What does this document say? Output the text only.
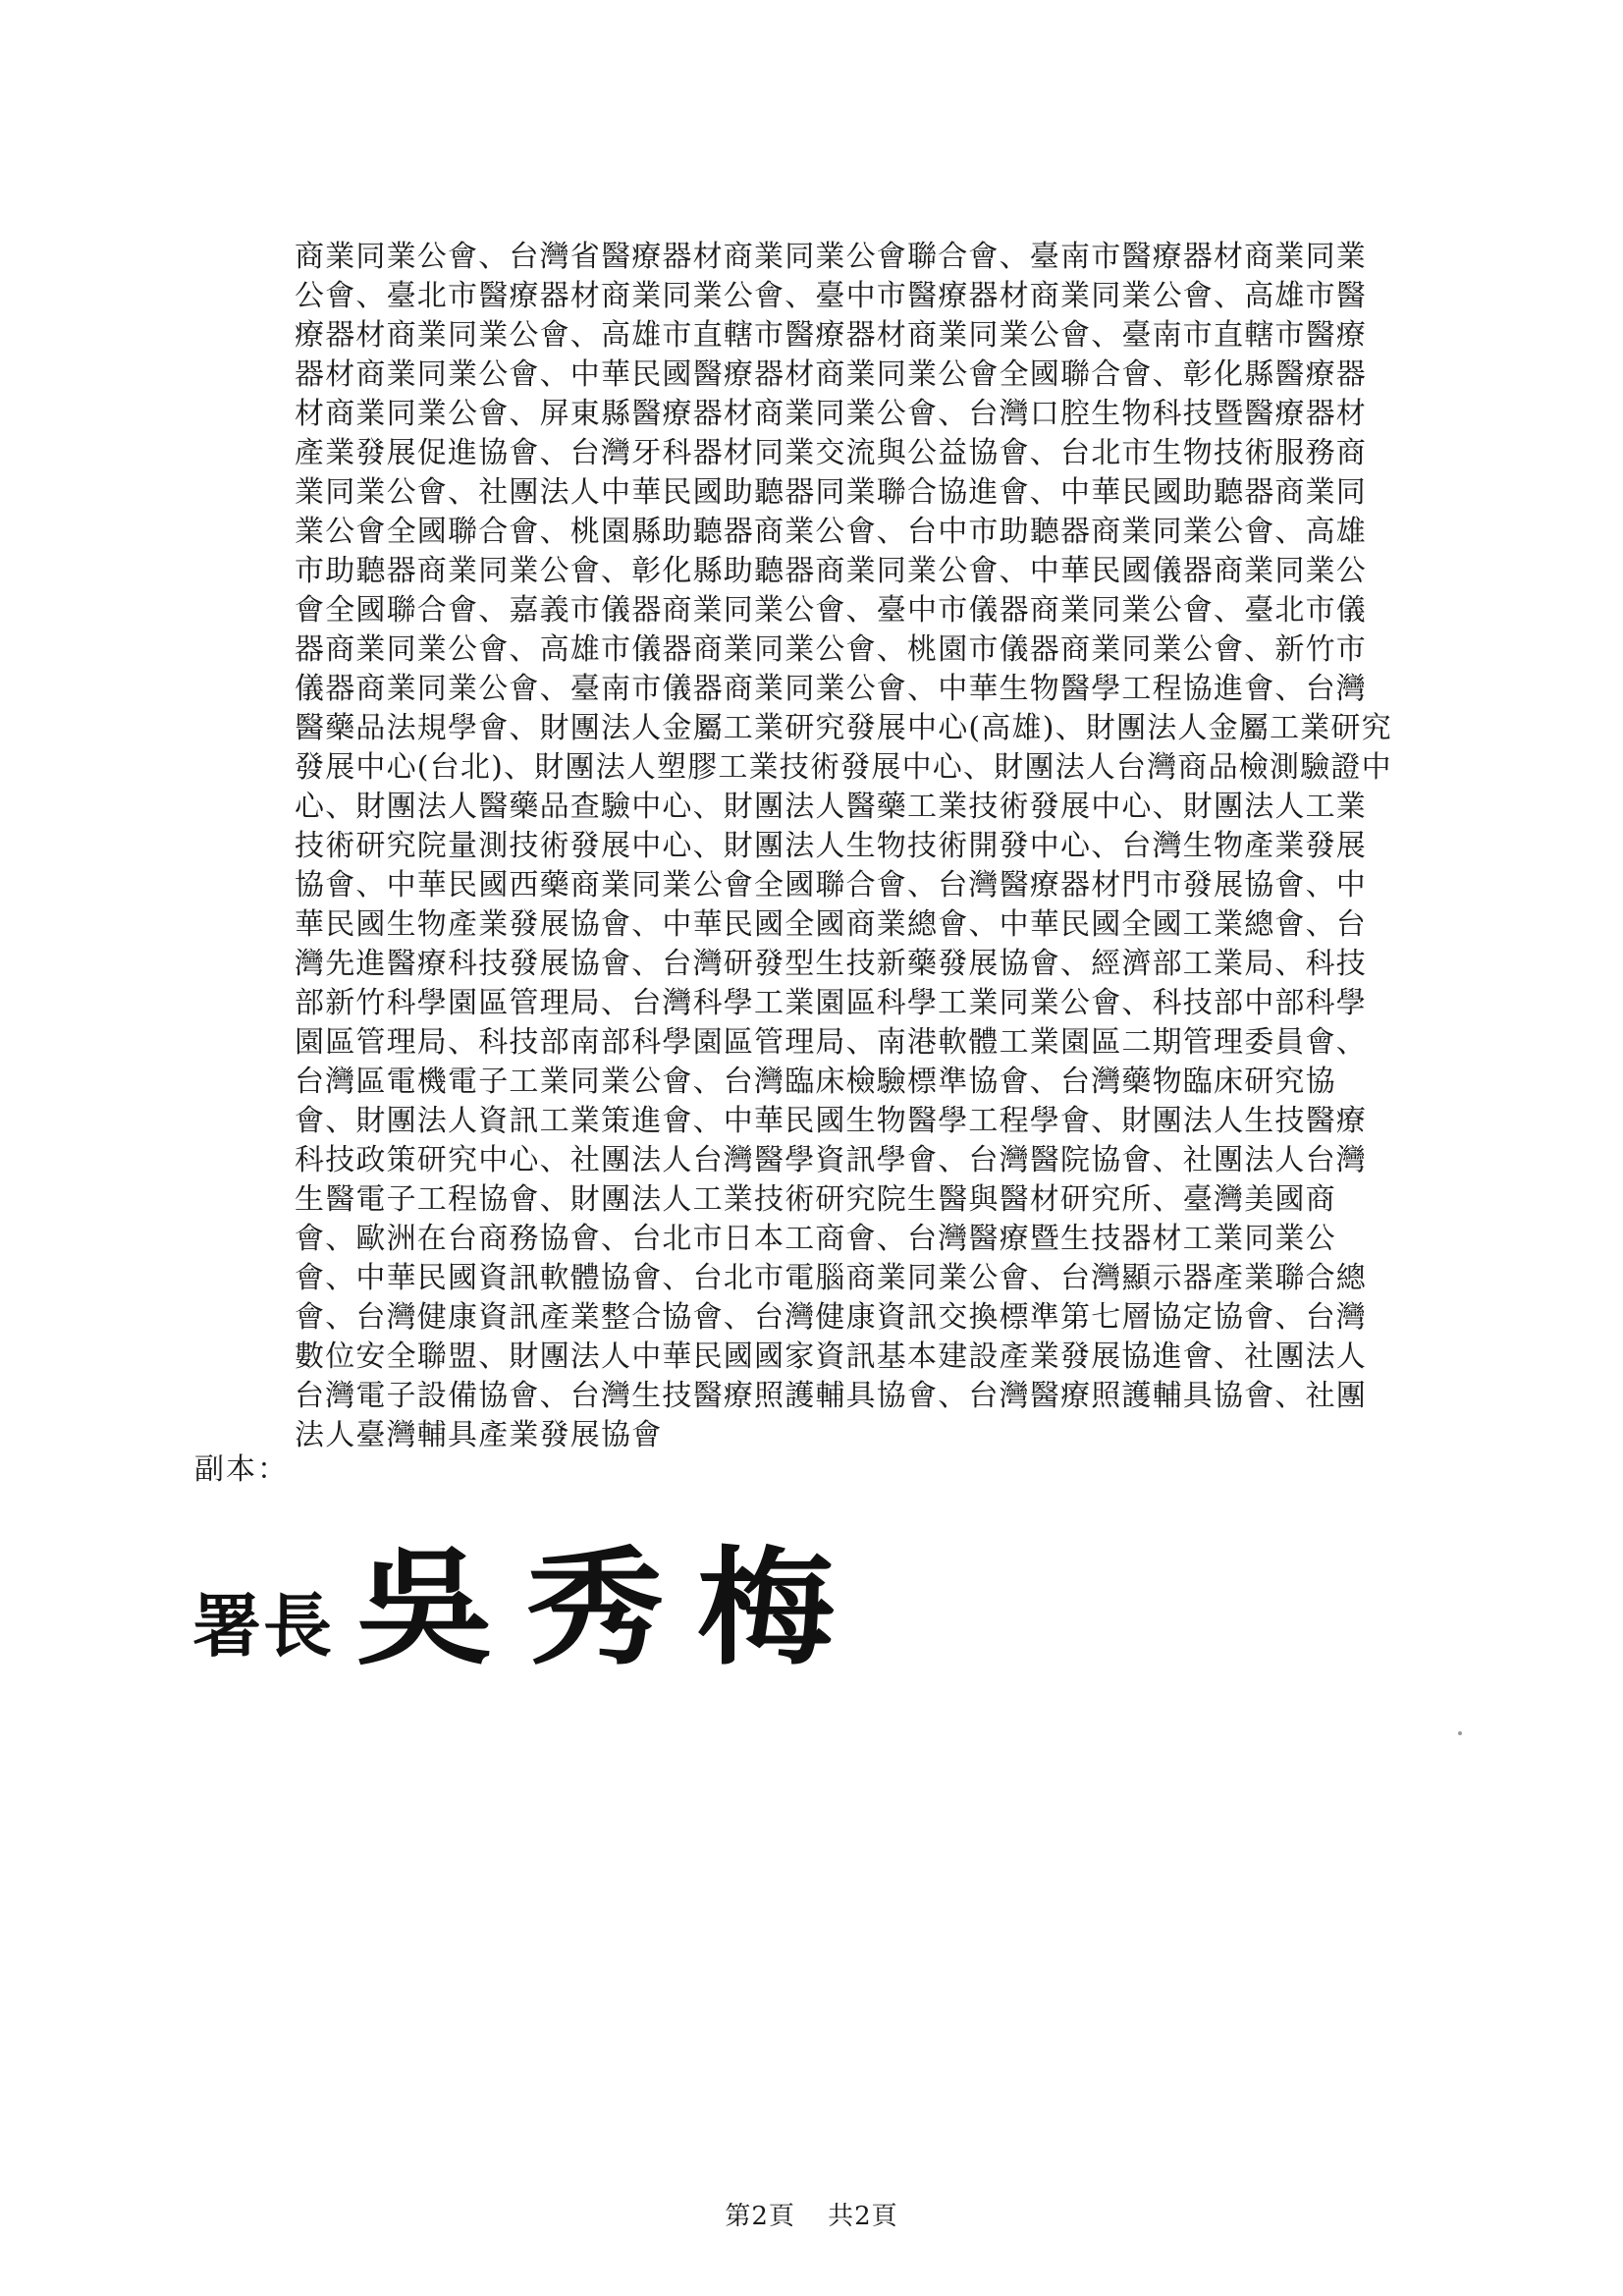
商業同業公會、台灣省醫療器材商業同業公會聯合會、臺南市醫療器材商業同業
公會、臺北市醫療器材商業同業公會、臺中市醫療器材商業同業公會、高雄市醫
療器材商業同業公會、高雄市直轄市醫療器材商業同業公會、臺南市直轄市醫療
器材商業同業公會、中華民國醫療器材商業同業公會全國聯合會、彰化縣醫療器
材商業同業公會、屏東縣醫療器材商業同業公會、台灣口腔生物科技暨醫療器材
產業發展促進協會、台灣牙科器材同業交流與公益協會、台北市生物技術服務商
業同業公會、社團法人中華民國助聽器同業聯合協進會、中華民國助聽器商業同
業公會全國聯合會、桃園縣助聽器商業公會、台中市助聽器商業同業公會、高雄
市助聽器商業同業公會、彰化縣助聽器商業同業公會、中華民國儀器商業同業公
會全國聯合會、嘉義市儀器商業同業公會、臺中市儀器商業同業公會、臺北市儀
器商業同業公會、高雄市儀器商業同業公會、桃園市儀器商業同業公會、新竹市
儀器商業同業公會、臺南市儀器商業同業公會、中華生物醫學工程協進會、台灣
醫藥品法規學會、財團法人金屬工業研究發展中心(高雄)、財團法人金屬工業研究
發展中心(台北)、財團法人塑膠工業技術發展中心、財團法人台灣商品檢測驗證中
心、財團法人醫藥品查驗中心、財團法人醫藥工業技術發展中心、財團法人工業
技術研究院量測技術發展中心、財團法人生物技術開發中心、台灣生物產業發展
協會、中華民國西藥商業同業公會全國聯合會、台灣醫療器材門市發展協會、中
華民國生物產業發展協會、中華民國全國商業總會、中華民國全國工業總會、台
灣先進醫療科技發展協會、台灣研發型生技新藥發展協會、經濟部工業局、科技
部新竹科學園區管理局、台灣科學工業園區科學工業同業公會、科技部中部科學
園區管理局、科技部南部科學園區管理局、南港軟體工業園區二期管理委員會、
台灣區電機電子工業同業公會、台灣臨床檢驗標準協會、台灣藥物臨床研究協
會、財團法人資訊工業策進會、中華民國生物醫學工程學會、財團法人生技醫療
科技政策研究中心、社團法人台灣醫學資訊學會、台灣醫院協會、社團法人台灣
生醫電子工程協會、財團法人工業技術研究院生醫與醫材研究所、臺灣美國商
會、歐洲在台商務協會、台北市日本工商會、台灣醫療暨生技器材工業同業公
會、中華民國資訊軟體協會、台北市電腦商業同業公會、台灣顯示器產業聯合總
會、台灣健康資訊產業整合協會、台灣健康資訊交換標準第七層協定協會、台灣
數位安全聯盟、財團法人中華民國國家資訊基本建設產業發展協進會、社團法人
台灣電子設備協會、台灣生技醫療照護輔具協會、台灣醫療照護輔具協會、社團
法人臺灣輔具產業發展協會
副本：
署長 吳秀梅
第2頁 共2頁
